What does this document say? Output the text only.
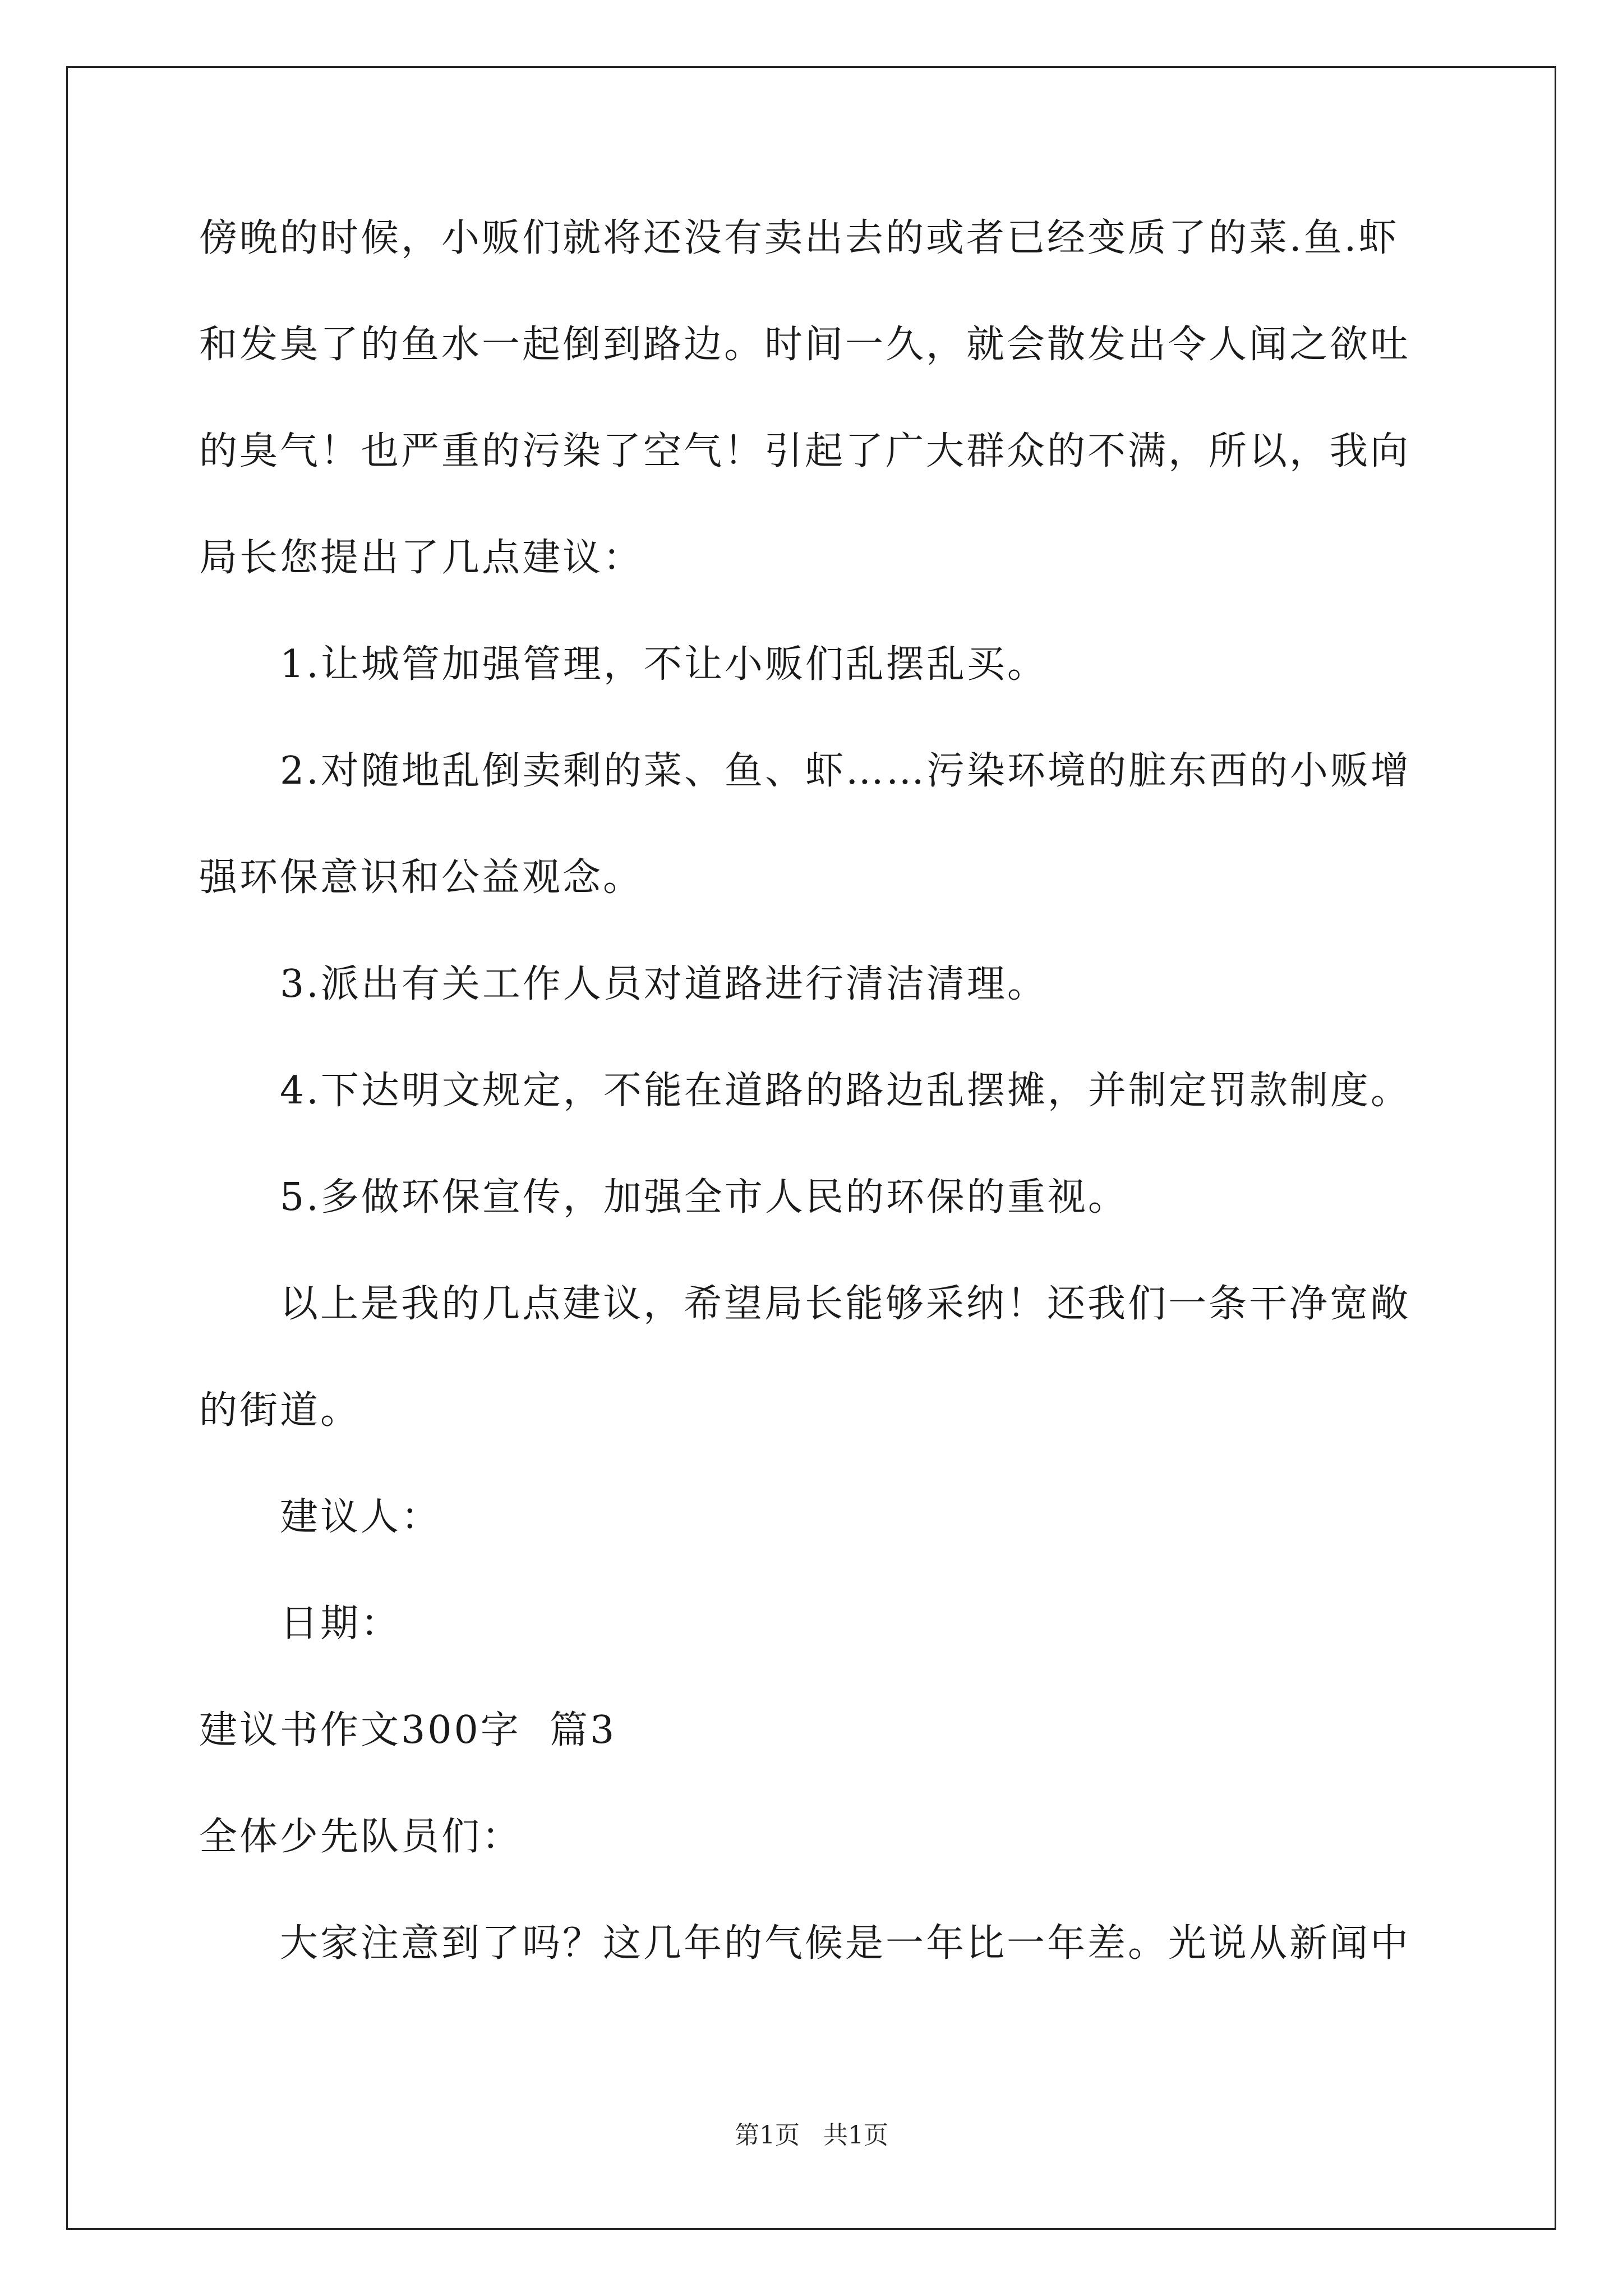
傍晚的时候，小贩们就将还没有卖出去的或者已经变质了的菜.鱼.虾
和发臭了的鱼水一起倒到路边。时间一久，就会散发出令人闻之欲吐
的臭气！也严重的污染了空气！引起了广大群众的不满，所以，我向
局长您提出了几点建议：
1.让城管加强管理，不让小贩们乱摆乱买。
2.对随地乱倒卖剩的菜、鱼、虾……污染环境的脏东西的小贩增
强环保意识和公益观念。
3.派出有关工作人员对道路进行清洁清理。
4.下达明文规定，不能在道路的路边乱摆摊，并制定罚款制度。
5.多做环保宣传，加强全市人民的环保的重视。
以上是我的几点建议，希望局长能够采纳！还我们一条干净宽敞
的街道。
建议人：
日期：
建议书作文300字  篇3
全体少先队员们：
大家注意到了吗？这几年的气候是一年比一年差。光说从新闻中
第1页   共1页
